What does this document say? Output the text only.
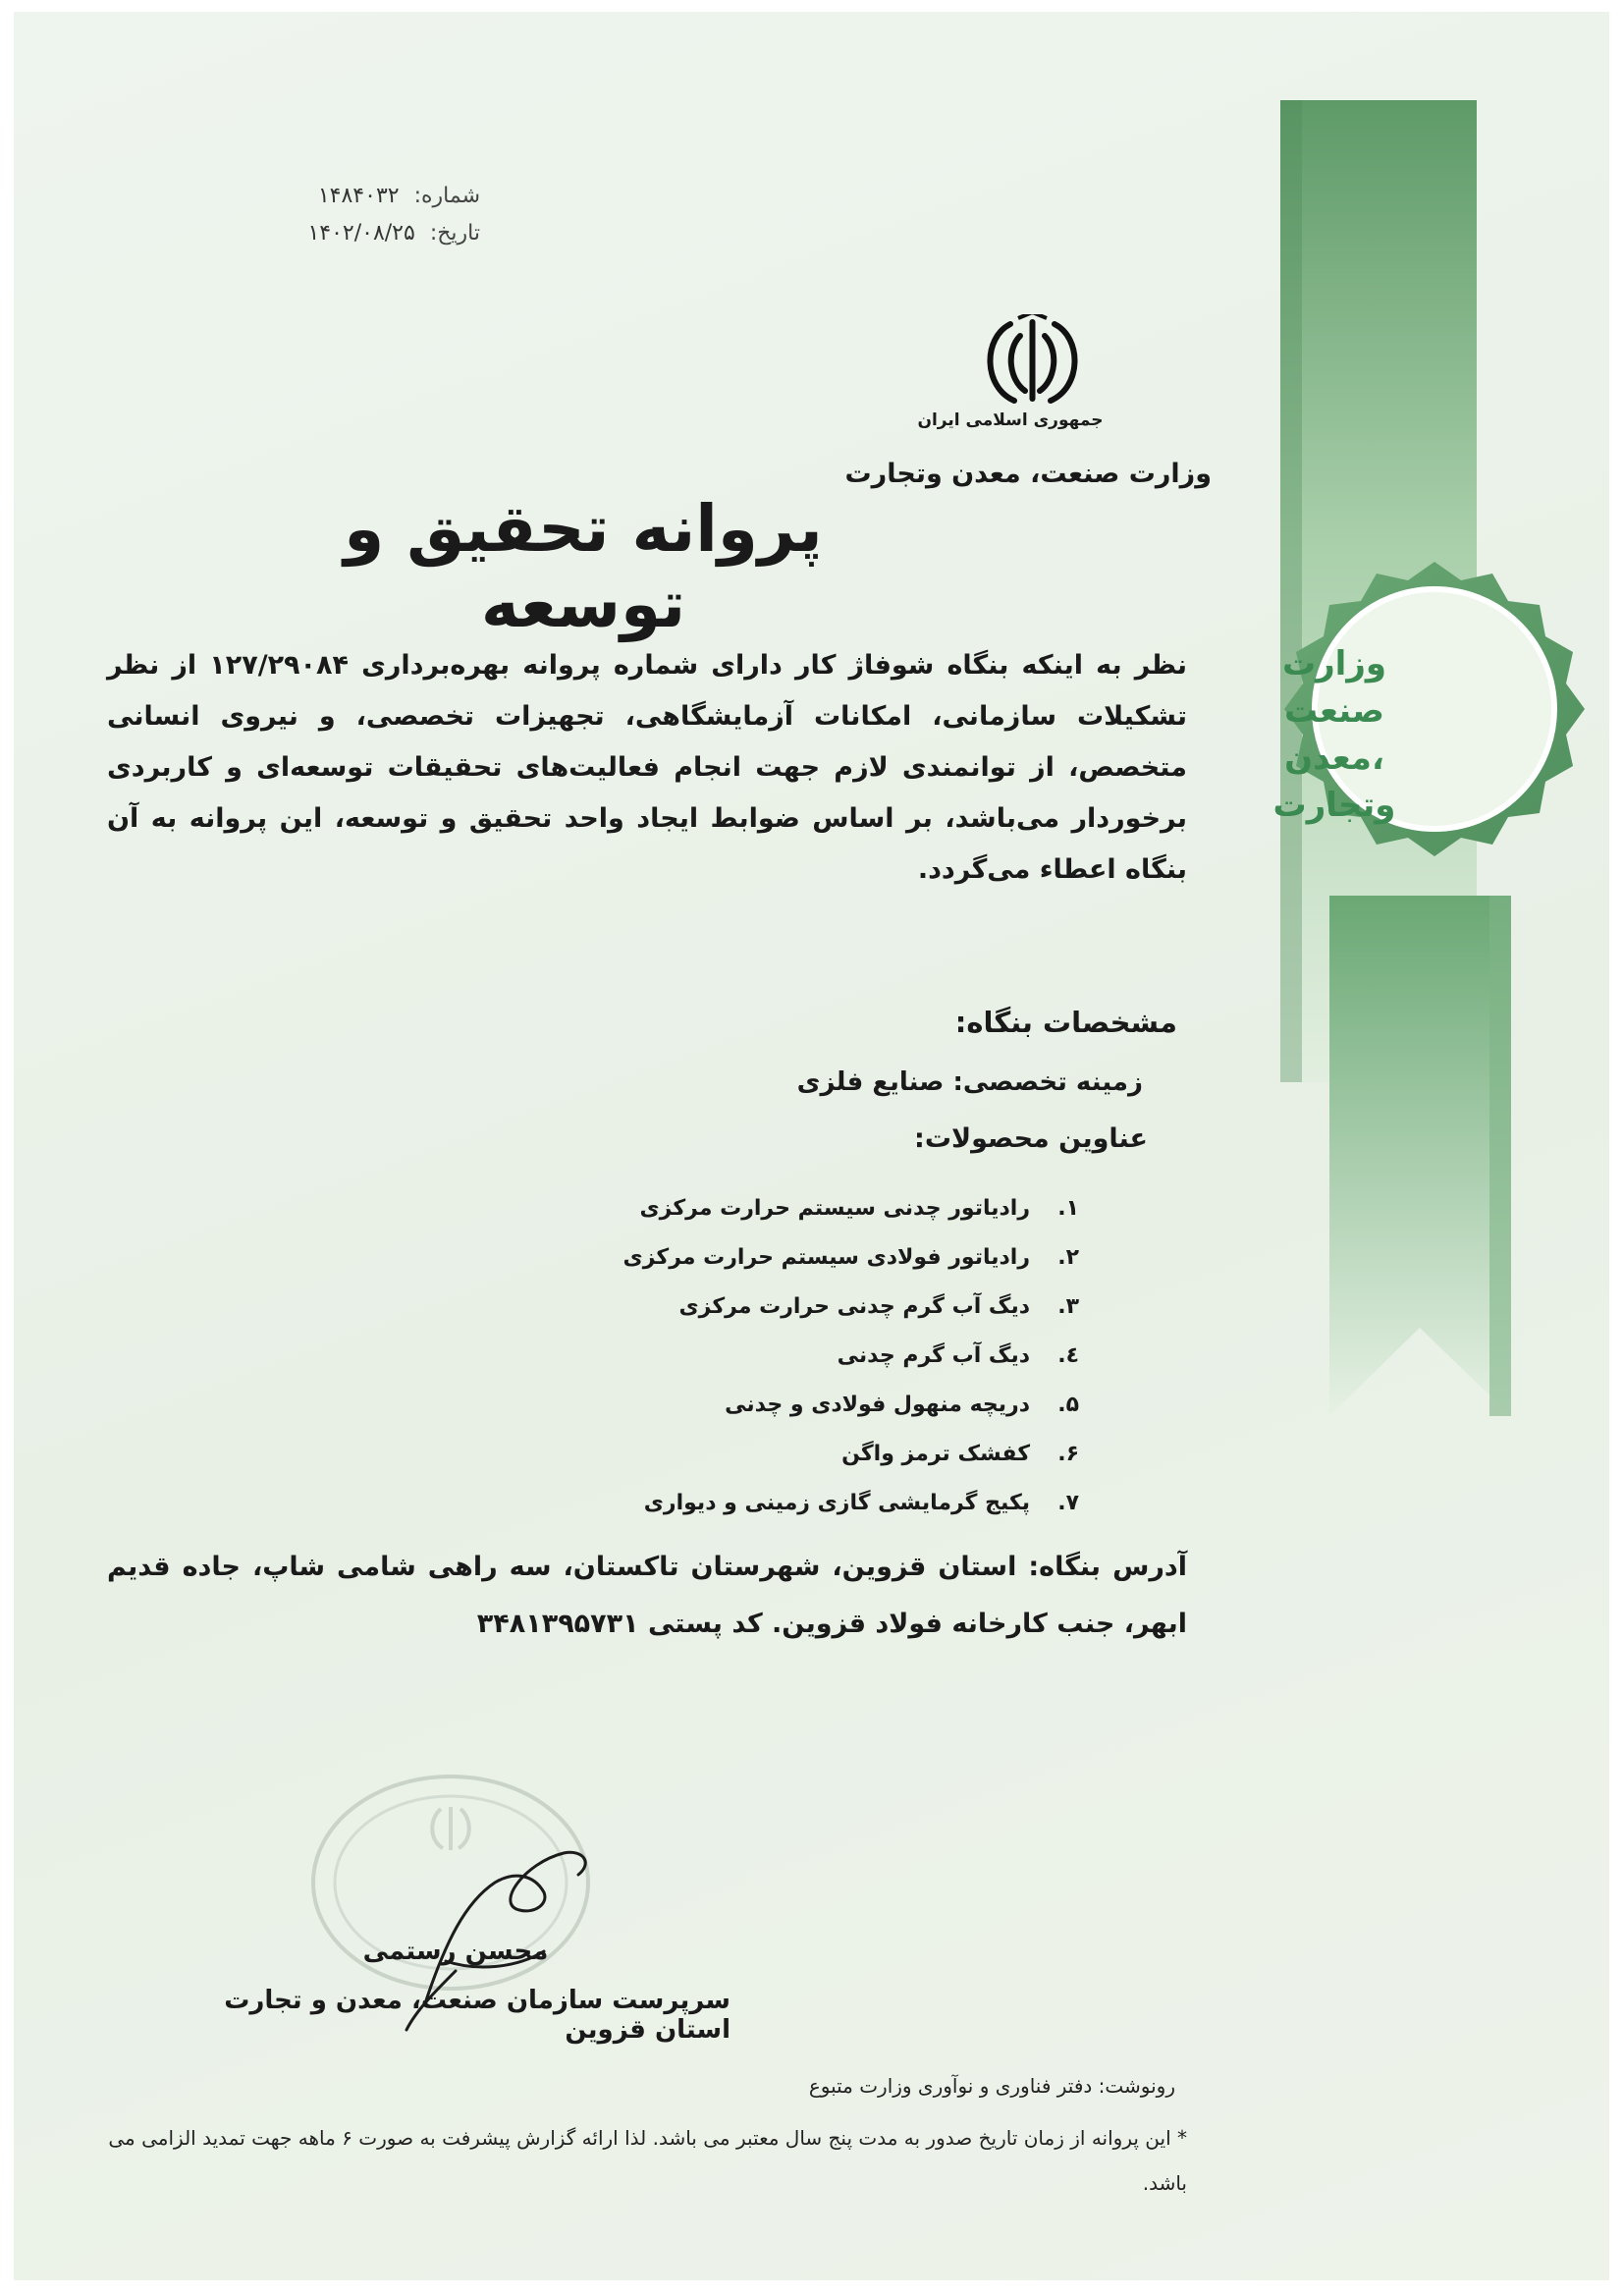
وزارت
صنعت ،معدن
وتجارت
شماره: ۱۴۸۴۰۳۲
تاریخ: ۱۴۰۲/۰۸/۲۵
جمهوری اسلامی ایران
وزارت صنعت، معدن وتجارت
پروانه تحقیق و توسعه
نظر به اینکه بنگاه شوفاژ کار دارای شماره پروانه بهره‌برداری ۱۲۷/۲۹۰۸۴ از نظر تشکیلات سازمانی، امکانات آزمایشگاهی، تجهیزات تخصصی، و نیروی انسانی متخصص، از توانمندی لازم جهت انجام فعالیت‌های تحقیقات توسعه‌ای و کاربردی برخوردار می‌باشد، بر اساس ضوابط ایجاد واحد تحقیق و توسعه، این پروانه به آن بنگاه اعطاء می‌گردد.
مشخصات بنگاه:
زمینه تخصصی: صنایع فلزی
عناوین محصولات:
۱.
رادیاتور چدنی سیستم حرارت مرکزی
۲.
رادیاتور فولادی سیستم حرارت مرکزی
۳.
دیگ آب گرم چدنی حرارت مرکزی
٤.
دیگ آب گرم چدنی
۵.
دریچه منهول فولادی و چدنی
۶.
کفشک ترمز واگن
۷.
پکیج گرمایشی گازی زمینی و دیواری
آدرس بنگاه: استان قزوین، شهرستان تاکستان، سه راهی شامی شاپ، جاده قدیم ابهر، جنب کارخانه فولاد قزوین. کد پستی ۳۴۸۱۳۹۵۷۳۱
محسن رستمی
سرپرست سازمان صنعت، معدن و تجارت استان قزوین
رونوشت: دفتر فناوری و نوآوری وزارت متبوع
* این پروانه از زمان تاریخ صدور به مدت پنج سال معتبر می باشد. لذا ارائه گزارش پیشرفت به صورت ۶ ماهه جهت تمدید الزامی می باشد.
